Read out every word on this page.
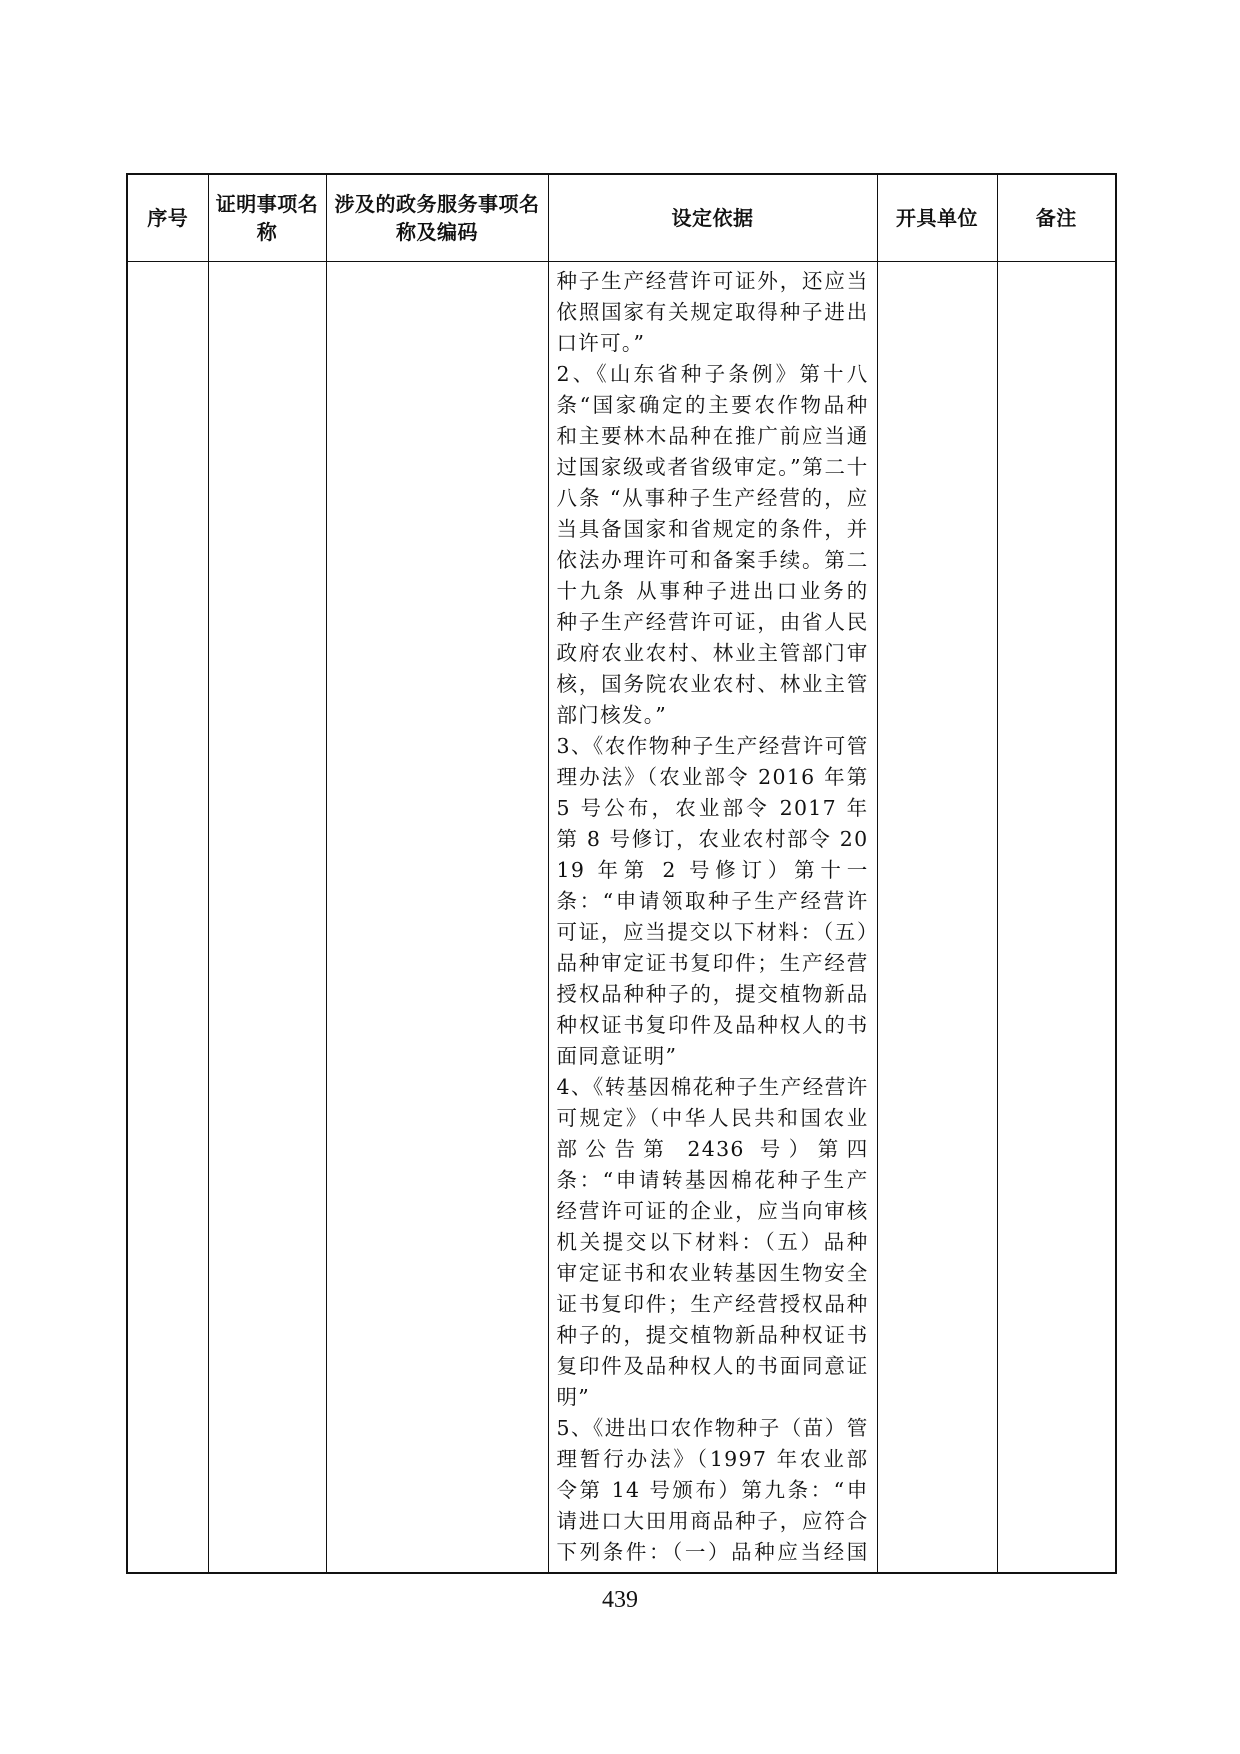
序号	证明事项名称	涉及的政务服务事项名称及编码	设定依据	开具单位	备注

			种子生产经营许可证外，还应当依照国家有关规定取得种子进出口许可。”

2、《山东省种子条例》第十八条“国家确定的主要农作物品种和主要林木品种在推广前应当通过国家级或者省级审定。”第二十八条 “从事种子生产经营的，应当具备国家和省规定的条件，并依法办理许可和备案手续。第二十九条 从事种子进出口业务的种子生产经营许可证，由省人民政府农业农村、林业主管部门审核，国务院农业农村、林业主管部门核发。”

3、《农作物种子生产经营许可管理办法》（农业部令 2016 年第 5 号公布，农业部令 2017 年第 8 号修订，农业农村部令 2019 年第 2 号修订）第十一条：“申请领取种子生产经营许可证，应当提交以下材料：（五）品种审定证书复印件；生产经营授权品种种子的，提交植物新品种权证书复印件及品种权人的书面同意证明”

4、《转基因棉花种子生产经营许可规定》（中华人民共和国农业部公告第 2436 号）第四条：“申请转基因棉花种子生产经营许可证的企业，应当向审核机关提交以下材料：（五）品种审定证书和农业转基因生物安全证书复印件；生产经营授权品种种子的，提交植物新品种权证书复印件及品种权人的书面同意证明”

5、《进出口农作物种子（苗）管理暂行办法》（1997 年农业部令第 14 号颁布）第九条：“申请进口大田用商品种子，应符合下列条件：（一）品种应当经国		

439
